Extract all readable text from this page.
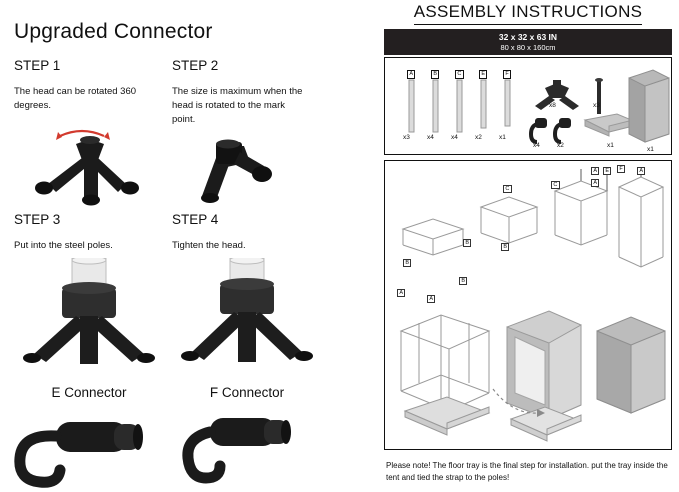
Upgraded Connector

STEP 1

The head can be rotated 360 degrees.

STEP 2

The size is maximum when the head is rotated to the mark point.

STEP 3

Put into the steel poles.

STEP 4

Tighten the head.

E Connector	F Connector

ASSEMBLY INSTRUCTIONS
32 x 32 x 63 IN
80 x 80 x 160cm
A	B	C	E	F
x3	x4	x4	x2	x1
x8	x3
x4	x2	x1
x1
B
A
A
B
B
C
B
C
A	E	F	A
A
Please note! The floor tray is the final step for installation. put the tray inside the tent and tied the strap to the poles!
